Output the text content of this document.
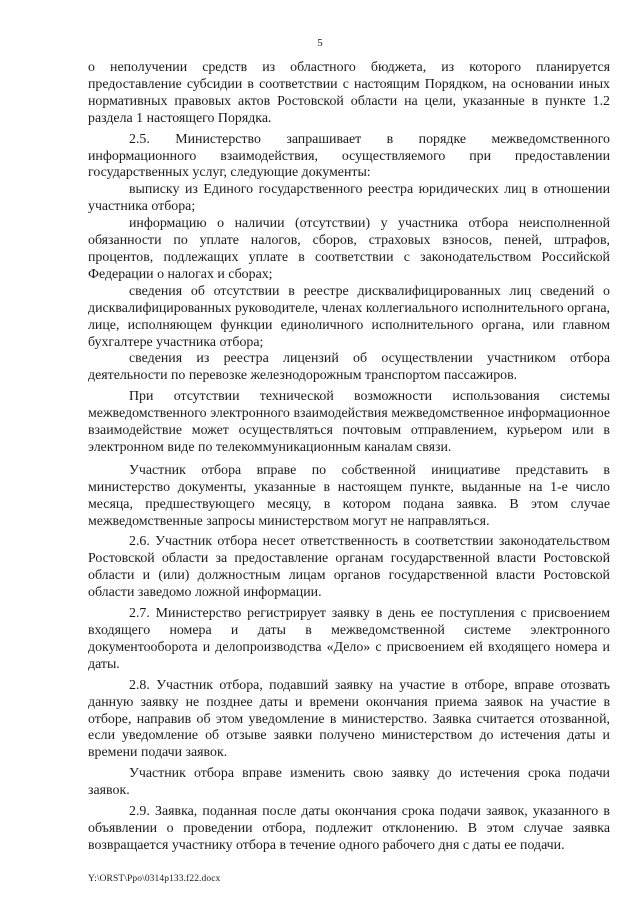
5

о неполучении средств из областного бюджета, из которого планируется предоставление субсидии в соответствии с настоящим Порядком, на основании иных нормативных правовых актов Ростовской области на цели, указанные в пункте 1.2 раздела 1 настоящего Порядка.

2.5. Министерство запрашивает в порядке межведомственного информационного взаимодействия, осуществляемого при предоставлении государственных услуг, следующие документы:

выписку из Единого государственного реестра юридических лиц в отношении участника отбора;

информацию о наличии (отсутствии) у участника отбора неисполненной обязанности по уплате налогов, сборов, страховых взносов, пеней, штрафов, процентов, подлежащих уплате в соответствии с законодательством Российской Федерации о налогах и сборах;

сведения об отсутствии в реестре дисквалифицированных лиц сведений о дисквалифицированных руководителе, членах коллегиального исполнительного органа, лице, исполняющем функции единоличного исполнительного органа, или главном бухгалтере участника отбора;

сведения из реестра лицензий об осуществлении участником отбора деятельности по перевозке железнодорожным транспортом пассажиров.

При отсутствии технической возможности использования системы межведомственного электронного взаимодействия межведомственное информационное взаимодействие может осуществляться почтовым отправлением, курьером или в электронном виде по телекоммуникационным каналам связи.

Участник отбора вправе по собственной инициативе представить в министерство документы, указанные в настоящем пункте, выданные на 1-е число месяца, предшествующего месяцу, в котором подана заявка. В этом случае межведомственные запросы министерством могут не направляться.

2.6. Участник отбора несет ответственность в соответствии законодательством Ростовской области за предоставление органам государственной власти Ростовской области и (или) должностным лицам органов государственной власти Ростовской области заведомо ложной информации.

2.7. Министерство регистрирует заявку в день ее поступления с присвоением входящего номера и даты в межведомственной системе электронного документооборота и делопроизводства «Дело» с присвоением ей входящего номера и даты.

2.8. Участник отбора, подавший заявку на участие в отборе, вправе отозвать данную заявку не позднее даты и времени окончания приема заявок на участие в отборе, направив об этом уведомление в министерство. Заявка считается отозванной, если уведомление об отзыве заявки получено министерством до истечения даты и времени подачи заявок.

Участник отбора вправе изменить свою заявку до истечения срока подачи заявок.

2.9. Заявка, поданная после даты окончания срока подачи заявок, указанного в объявлении о проведении отбора, подлежит отклонению. В этом случае заявка возвращается участнику отбора в течение одного рабочего дня с даты ее подачи.

Y:\ORST\Ppo\0314p133.f22.docx
